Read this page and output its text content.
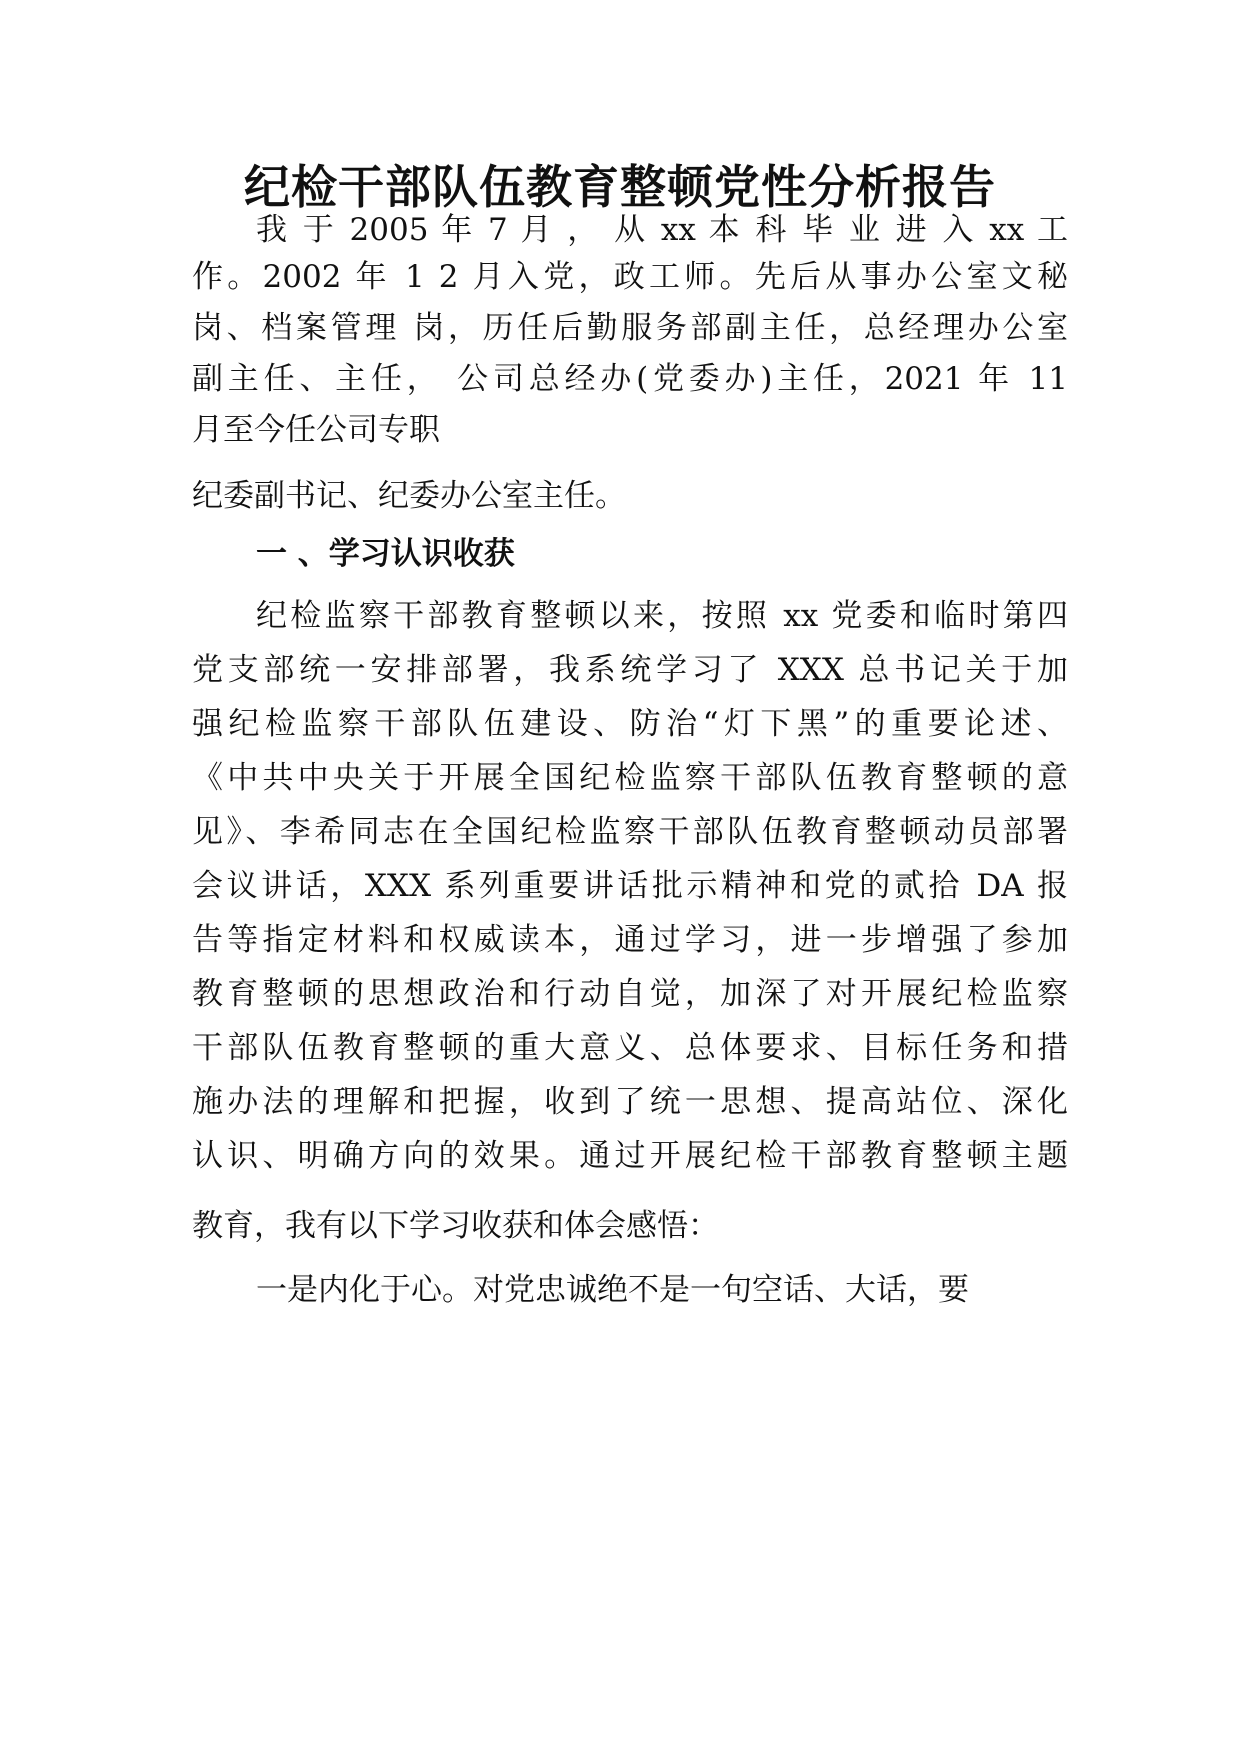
纪检干部队伍教育整顿党性分析报告
我 于 2005 年 7 月 ， 从 xx 本 科 毕 业 进 入 xx 工
作。2002 年 1 2 月入党，政工师。先后从事办公室文秘
岗、档案管理 岗，历任后勤服务部副主任，总经理办公室
副主任、主任， 公司总经办(党委办)主任，2021 年 11
月至今任公司专职
纪委副书记、纪委办公室主任。
一 、学习认识收获
纪检监察干部教育整顿以来，按照 xx 党委和临时第四
党支部统一安排部署，我系统学习了 XXX 总书记关于加
强纪检监察干部队伍建设、防治“灯下黑”的重要论述、
《中共中央关于开展全国纪检监察干部队伍教育整顿的意
见》、李希同志在全国纪检监察干部队伍教育整顿动员部署
会议讲话，XXX 系列重要讲话批示精神和党的贰拾 DA 报
告等指定材料和权威读本，通过学习，进一步增强了参加
教育整顿的思想政治和行动自觉，加深了对开展纪检监察
干部队伍教育整顿的重大意义、总体要求、目标任务和措
施办法的理解和把握，收到了统一思想、提高站位、深化
认识、明确方向的效果。通过开展纪检干部教育整顿主题
教育，我有以下学习收获和体会感悟：
一是内化于心。对党忠诚绝不是一句空话、大话，要
